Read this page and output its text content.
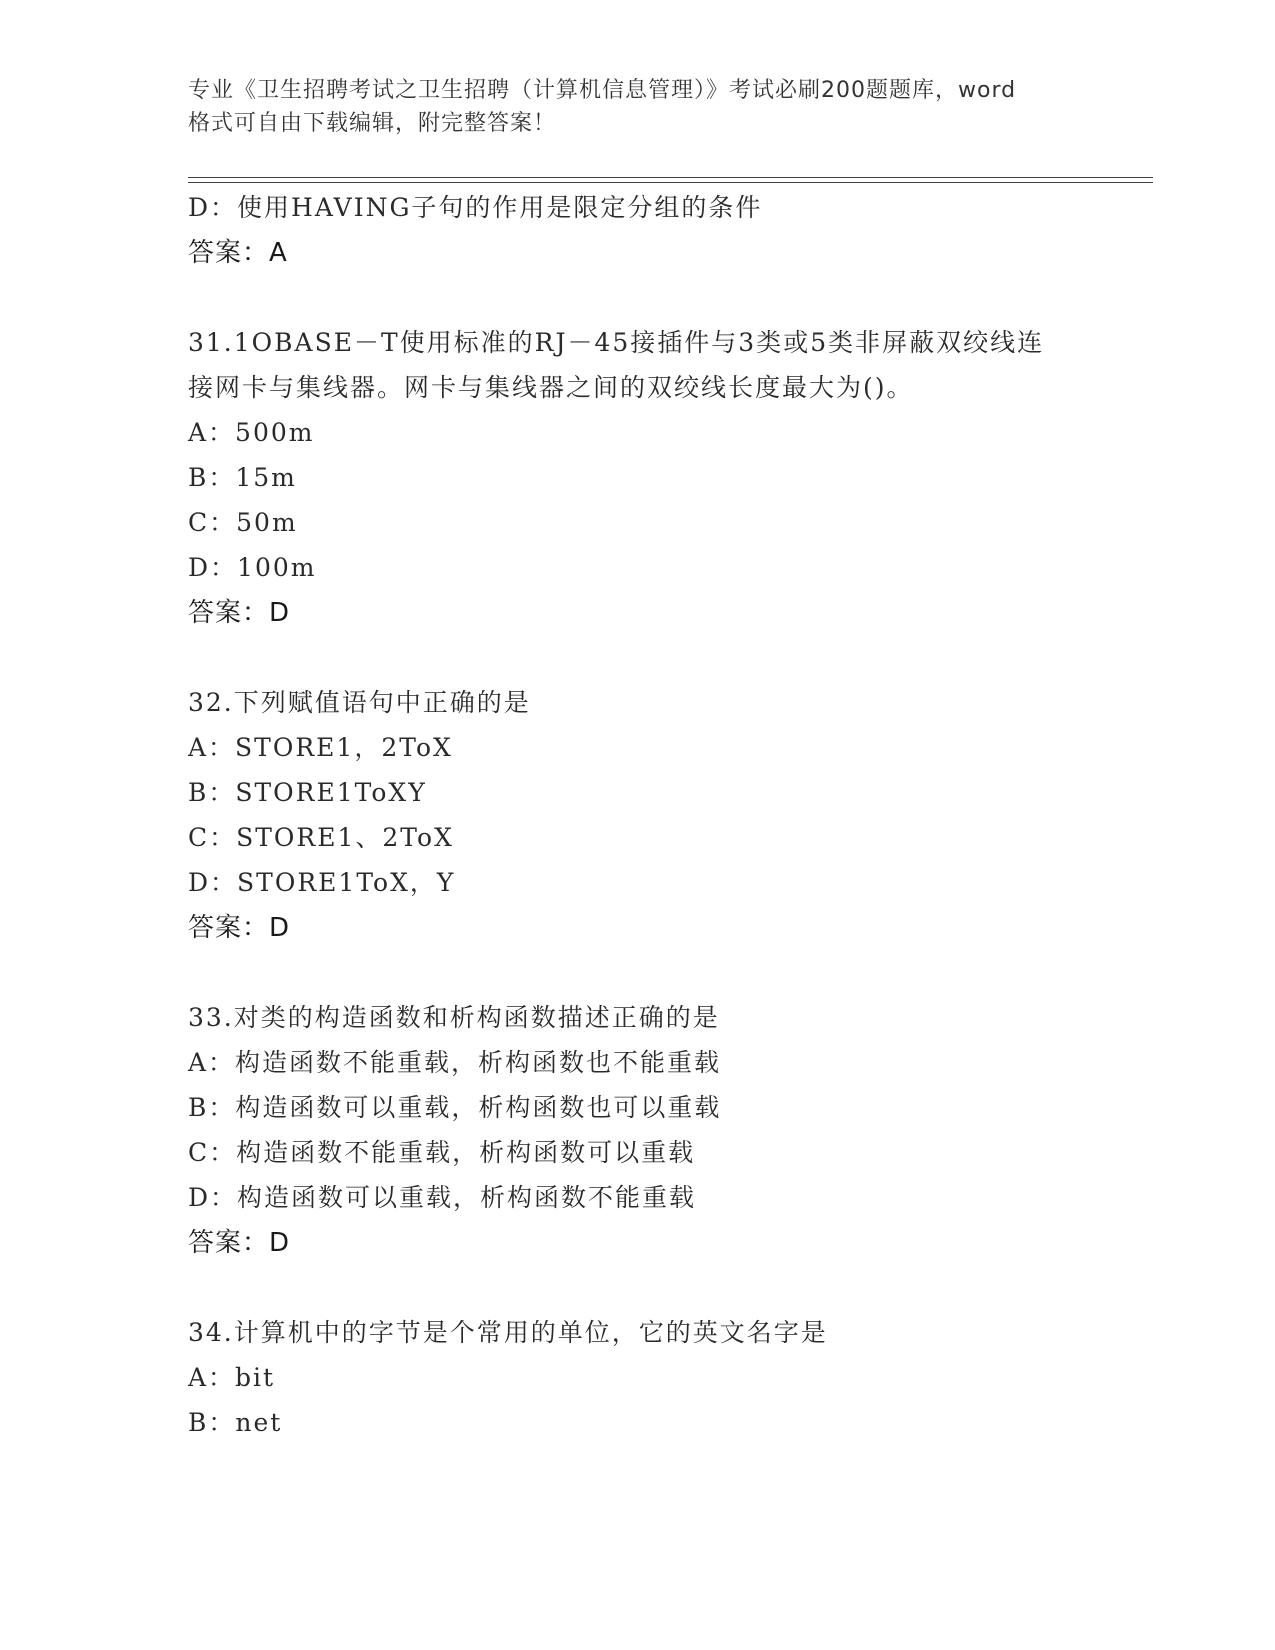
专业《卫生招聘考试之卫生招聘（计算机信息管理）》考试必刷200题题库，word
格式可自由下载编辑，附完整答案！
D：使用HAVING子句的作用是限定分组的条件
答案：A
31.1OBASE－T使用标准的RJ－45接插件与3类或5类非屏蔽双绞线连
接网卡与集线器。网卡与集线器之间的双绞线长度最大为()。
A：500m
B：15m
C：50m
D：100m
答案：D
32.下列赋值语句中正确的是
A：STORE1，2ToX
B：STORE1ToXY
C：STORE1、2ToX
D：STORE1ToX，Y
答案：D
33.对类的构造函数和析构函数描述正确的是
A：构造函数不能重载，析构函数也不能重载
B：构造函数可以重载，析构函数也可以重载
C：构造函数不能重载，析构函数可以重载
D：构造函数可以重载，析构函数不能重载
答案：D
34.计算机中的字节是个常用的单位，它的英文名字是
A：bit
B：net
